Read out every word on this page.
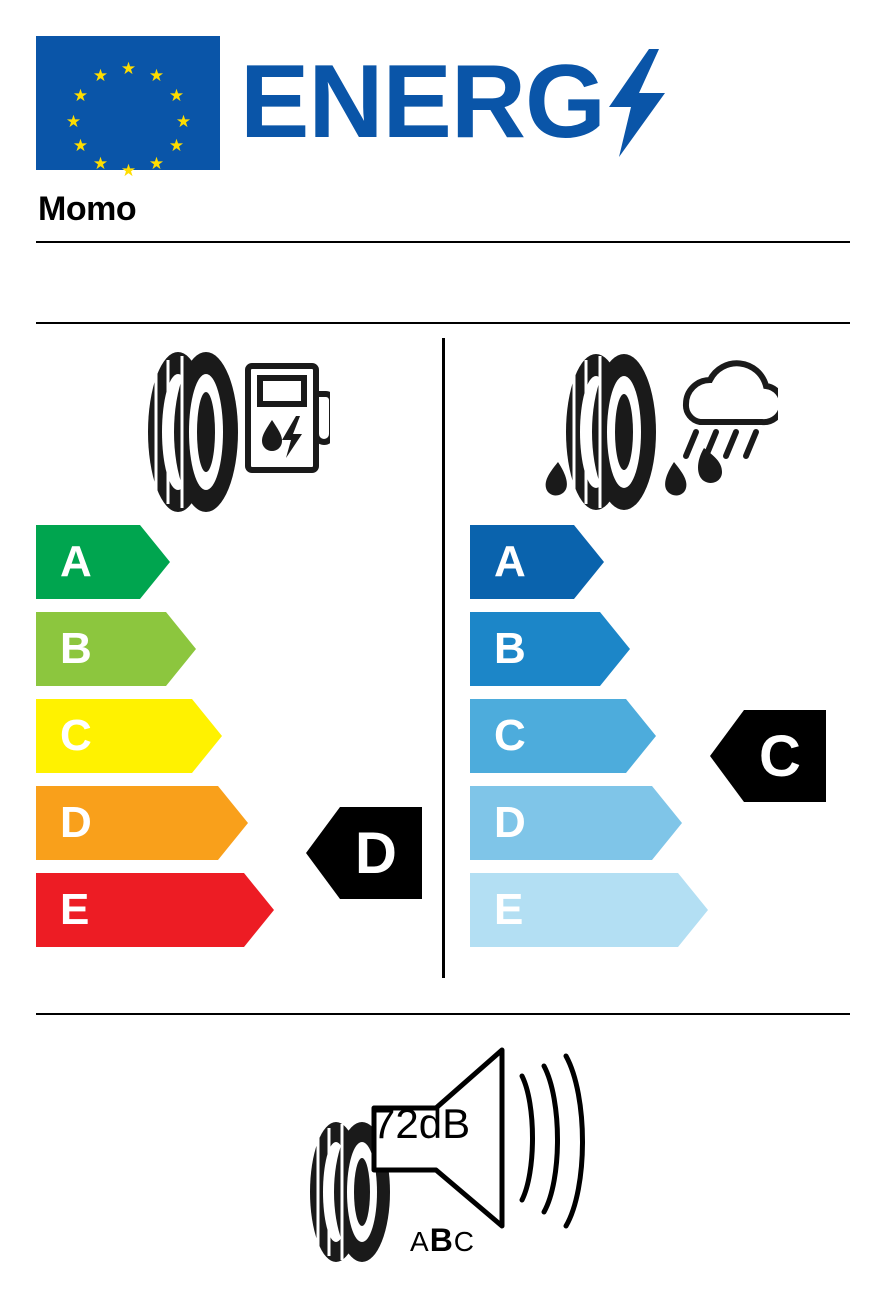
★
★ ★
★	★
★	★
★	★
★ ★
★
ENERG
Momo
A
B
C
D
E
D
A
B
C
D
E
C
72dB
ABC
